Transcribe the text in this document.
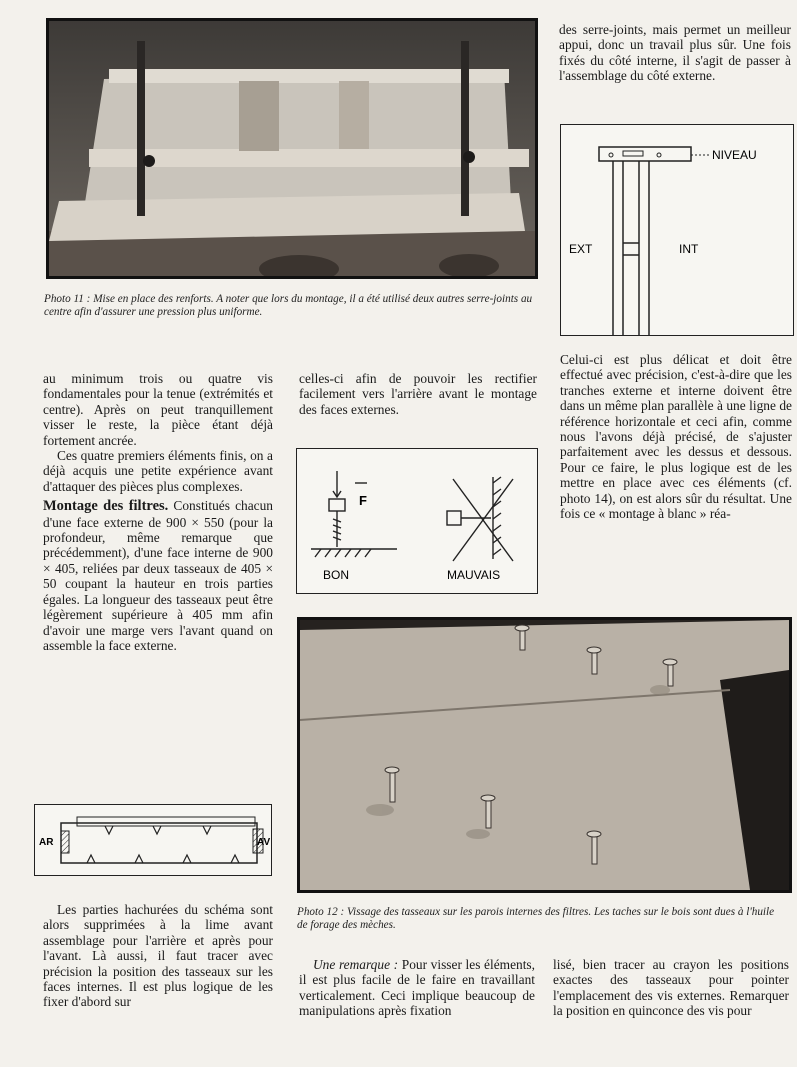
Photo 11 : Mise en place des renforts. A noter que lors du montage, il a été utilisé deux autres serre-joints au centre afin d'assurer une pression plus uniforme.

des serre-joints, mais permet un meilleur appui, donc un travail plus sûr. Une fois fixés du côté interne, il s'agit de passer à l'assemblage du côté externe.

NIVEAU
EXT	INT

Celui-ci est plus délicat et doit être effectué avec précision, c'est-à-dire que les tranches externe et interne doivent être dans un même plan parallèle à une ligne de référence horizontale et ceci afin, comme nous l'avons déjà précisé, de s'ajuster parfaitement avec les dessus et dessous. Pour ce faire, le plus logique est de les mettre en place avec ces éléments (cf. photo 14), on est alors sûr du résultat. Une fois ce « montage à blanc » réa-

au minimum trois ou quatre vis fondamentales pour la tenue (extrémités et centre). Après on peut tranquillement visser le reste, la pièce étant déjà fortement ancrée.

Ces quatre premiers éléments finis, on a déjà acquis une petite expérience avant d'attaquer des pièces plus complexes.

Montage des filtres. Constitués chacun d'une face externe de 900 × 550 (pour la profondeur, même remarque que précédemment), d'une face interne de 900 × 405, reliées par deux tasseaux de 405 × 50 coupant la hauteur en trois parties égales. La longueur des tasseaux peut être légèrement supérieure à 405 mm afin d'avoir une marge vers l'avant quand on assemble la face externe.

AR	AV

Les parties hachurées du schéma sont alors supprimées à la lime avant assemblage pour l'arrière et après pour l'avant. Là aussi, il faut tracer avec précision la position des tasseaux sur les faces internes. Il est plus logique de les fixer d'abord sur

celles-ci afin de pouvoir les rectifier facilement vers l'arrière avant le montage des faces externes.

F
BON	MAUVAIS
Photo 12 : Vissage des tasseaux sur les parois internes des filtres. Les taches sur le bois sont dues à l'huile de forage des mèches.

Une remarque : Pour visser les éléments, il est plus facile de le faire en travaillant verticalement. Ceci implique beaucoup de manipulations après fixation

lisé, bien tracer au crayon les positions exactes des tasseaux pour pointer l'emplacement des vis externes. Remarquer la position en quinconce des vis pour
